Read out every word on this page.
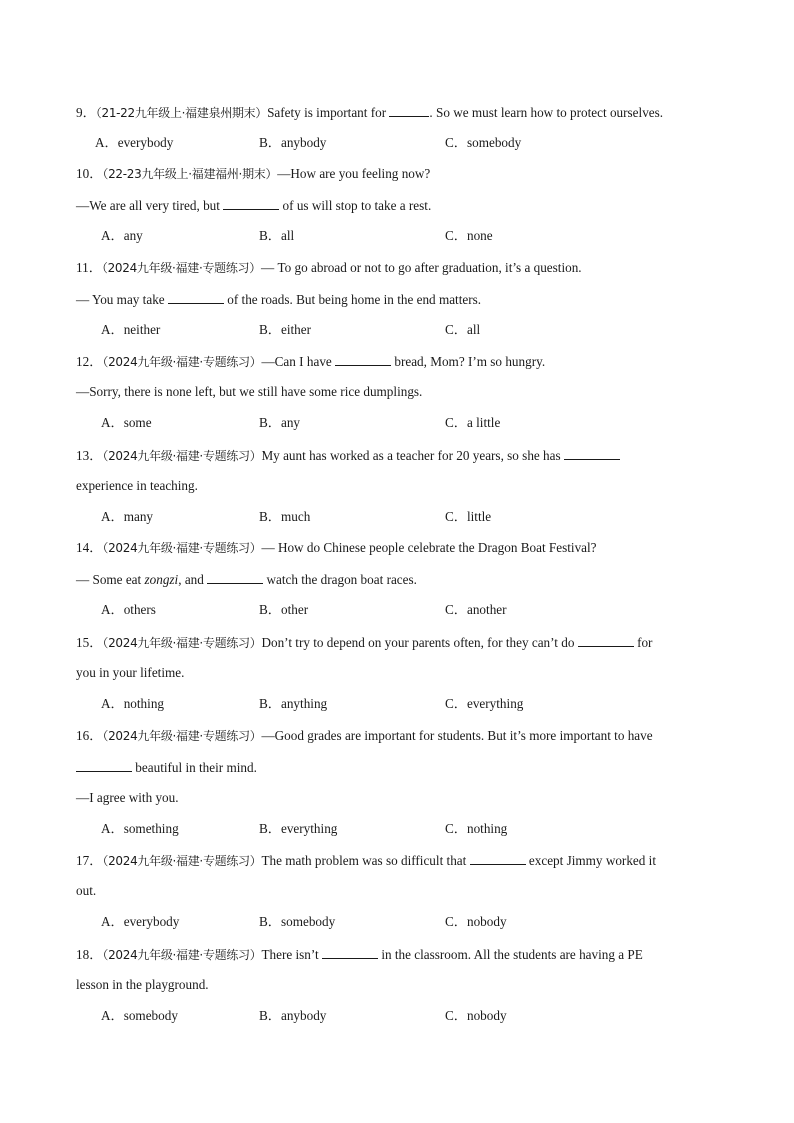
9．（21-22九年级上·福建泉州期末）Safety is important for	. So we must learn how to protect ourselves.
A．everybody	B．anybody	C．somebody
10．（22-23九年级上·福建福州·期末）—How are you feeling now?
—We are all very tired, but	of us will stop to take a rest.
A．any	B．all	C．none
11．（2024九年级·福建·专题练习）— To go abroad or not to go after graduation, it’s a question.
— You may take	of the roads. But being home in the end matters.
A．neither	B．either	C．all
12．（2024九年级·福建·专题练习）—Can I have	bread, Mom? I’m so hungry.
—Sorry, there is none left, but we still have some rice dumplings.
A．some	B．any	C．a little
13．（2024九年级·福建·专题练习）My aunt has worked as a teacher for 20 years, so she has
experience in teaching.
A．many	B．much	C．little
14．（2024九年级·福建·专题练习）— How do Chinese people celebrate the Dragon Boat Festival?
— Some eat zongzi, and	watch the dragon boat races.
A．others	B．other	C．another
15．（2024九年级·福建·专题练习）Don’t try to depend on your parents often, for they can’t do	for
you in your lifetime.
A．nothing	B．anything	C．everything
16．（2024九年级·福建·专题练习）—Good grades are important for students. But it’s more important to have
beautiful in their mind.
—I agree with you.
A．something	B．everything	C．nothing
17．（2024九年级·福建·专题练习）The math problem was so difficult that	except Jimmy worked it
out.
A．everybody	B．somebody	C．nobody
18．（2024九年级·福建·专题练习）There isn’t	in the classroom. All the students are having a PE
lesson in the playground.
A．somebody	B．anybody	C．nobody
